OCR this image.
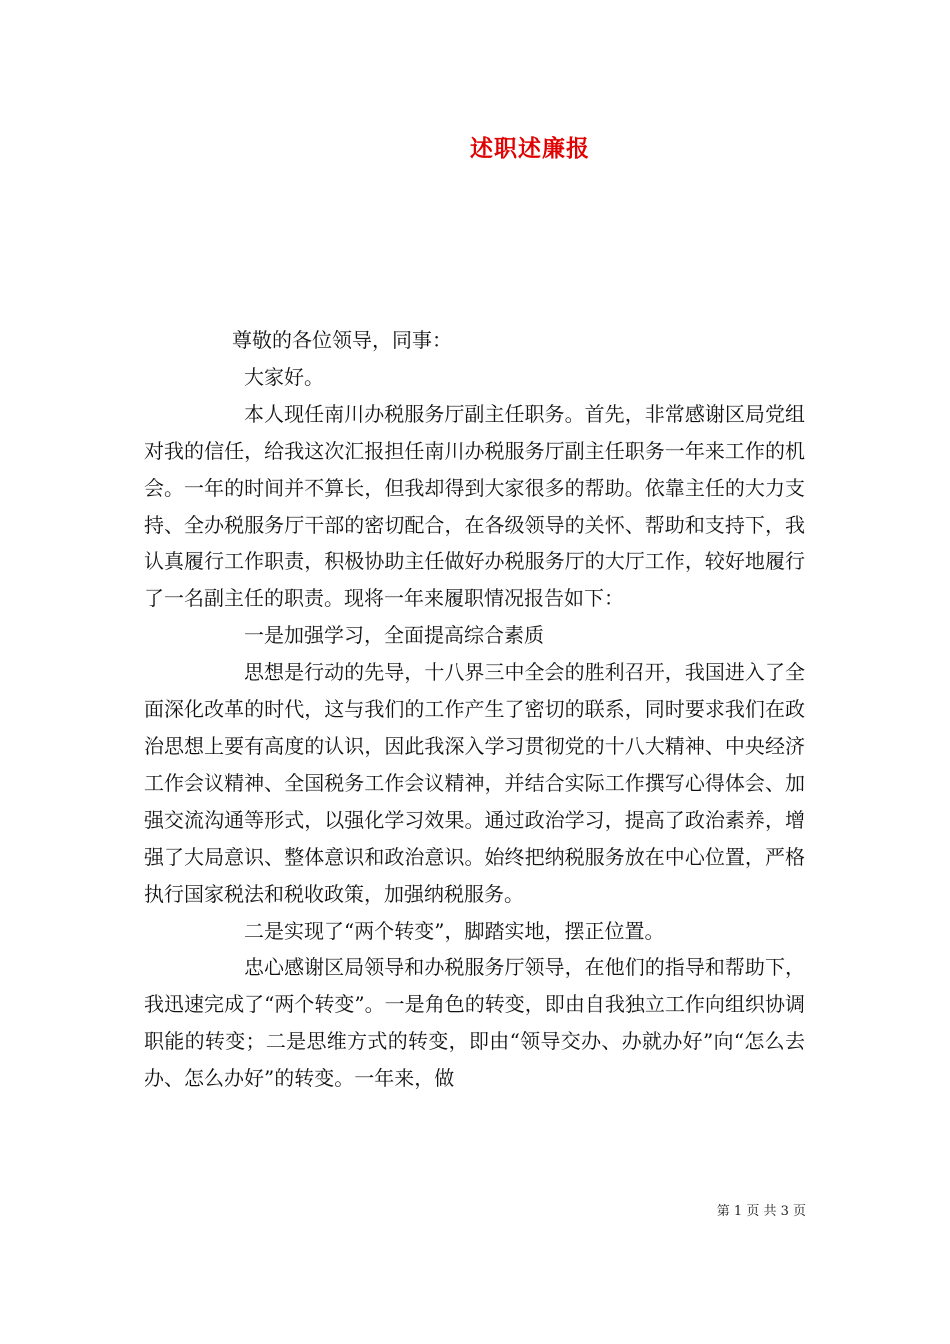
述职述廉报

尊敬的各位领导，同事：

大家好。

本人现任南川办税服务厅副主任职务。首先，非常感谢区局党组对我的信任，给我这次汇报担任南川办税服务厅副主任职务一年来工作的机会。一年的时间并不算长，但我却得到大家很多的帮助。依靠主任的大力支持、全办税服务厅干部的密切配合，在各级领导的关怀、帮助和支持下，我认真履行工作职责，积极协助主任做好办税服务厅的大厅工作，较好地履行了一名副主任的职责。现将一年来履职情况报告如下：

一是加强学习，全面提高综合素质

思想是行动的先导，十八界三中全会的胜利召开，我国进入了全面深化改革的时代，这与我们的工作产生了密切的联系，同时要求我们在政治思想上要有高度的认识，因此我深入学习贯彻党的十八大精神、中央经济工作会议精神、全国税务工作会议精神，并结合实际工作撰写心得体会、加强交流沟通等形式，以强化学习效果。通过政治学习，提高了政治素养，增强了大局意识、整体意识和政治意识。始终把纳税服务放在中心位置，严格执行国家税法和税收政策，加强纳税服务。

二是实现了“两个转变”，脚踏实地，摆正位置。

忠心感谢区局领导和办税服务厅领导，在他们的指导和帮助下，我迅速完成了“两个转变”。一是角色的转变，即由自我独立工作向组织协调职能的转变；二是思维方式的转变，即由“领导交办、办就办好”向“怎么去办、怎么办好”的转变。一年来，做

第 1 页 共 3 页
